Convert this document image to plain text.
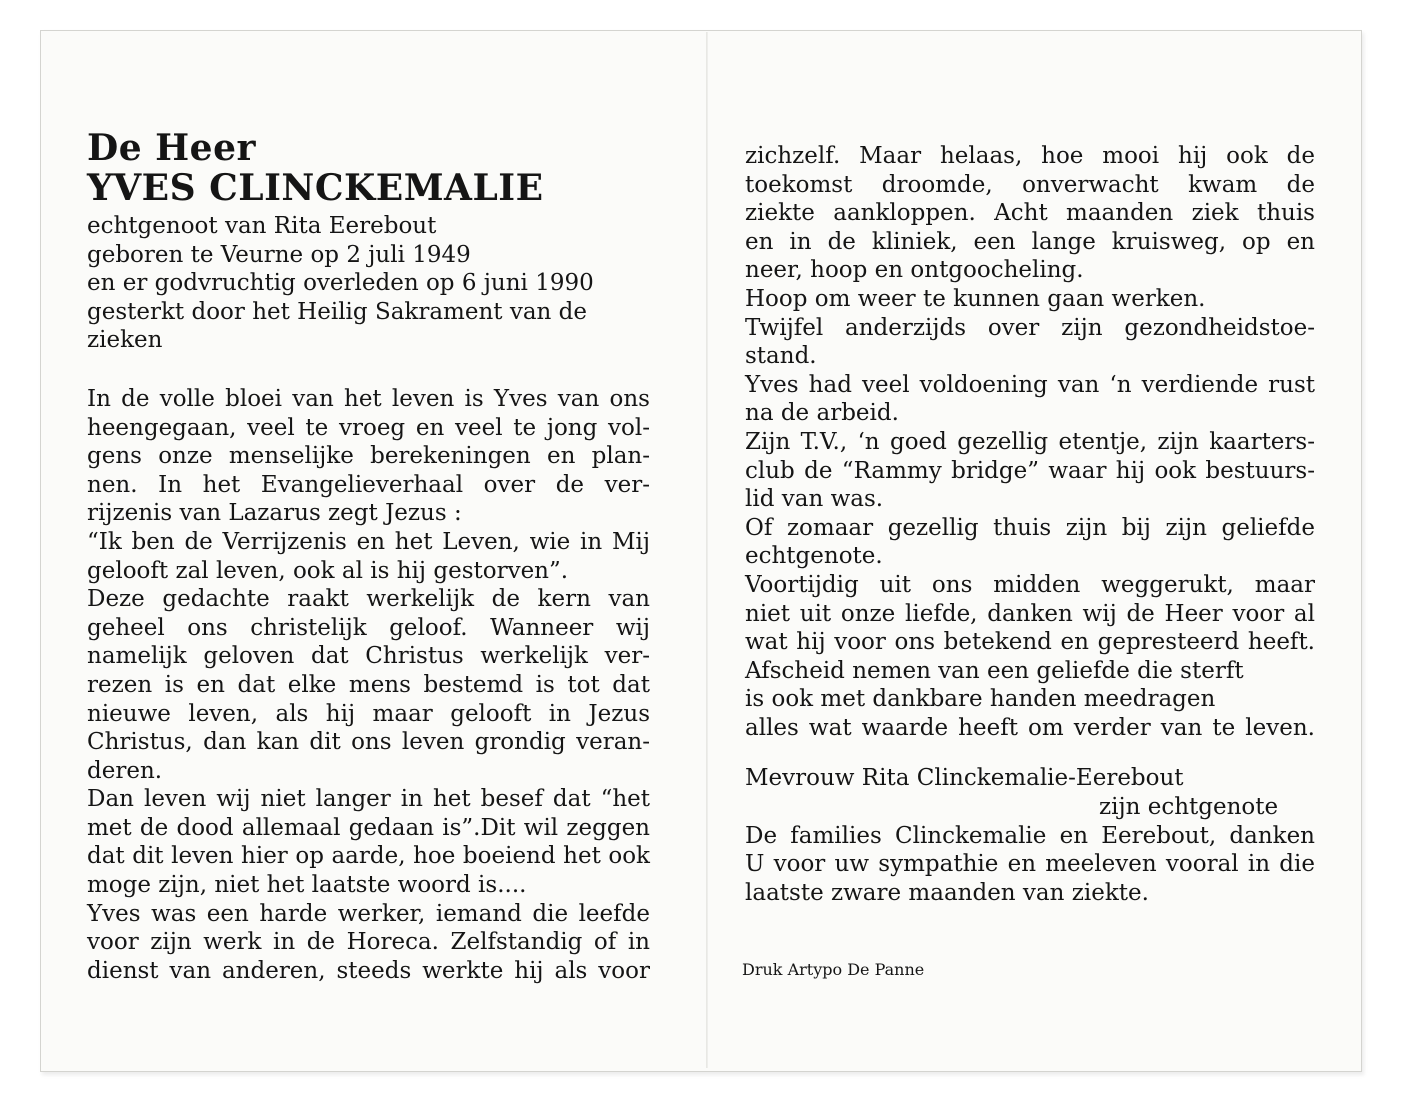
De Heer
YVES CLINCKEMALIE
echtgenoot van Rita Eerebout
geboren te Veurne op 2 juli 1949
en er godvruchtig overleden op 6 juni 1990
gesterkt door het Heilig Sakrament van de
zieken
In de volle bloei van het leven is Yves van ons
heengegaan, veel te vroeg en veel te jong vol-
gens onze menselijke berekeningen en plan-
nen. In het Evangelieverhaal over de ver-
rijzenis van Lazarus zegt Jezus :
“Ik ben de Verrijzenis en het Leven, wie in Mij
gelooft zal leven, ook al is hij gestorven”.
Deze gedachte raakt werkelijk de kern van
geheel ons christelijk geloof. Wanneer wij
namelijk geloven dat Christus werkelijk ver-
rezen is en dat elke mens bestemd is tot dat
nieuwe leven, als hij maar gelooft in Jezus
Christus, dan kan dit ons leven grondig veran-
deren.
Dan leven wij niet langer in het besef dat “het
met de dood allemaal gedaan is”.Dit wil zeggen
dat dit leven hier op aarde, hoe boeiend het ook
moge zijn, niet het laatste woord is....
Yves was een harde werker, iemand die leefde
voor zijn werk in de Horeca. Zelfstandig of in
dienst van anderen, steeds werkte hij als voor
zichzelf. Maar helaas, hoe mooi hij ook de
toekomst droomde, onverwacht kwam de
ziekte aankloppen. Acht maanden ziek thuis
en in de kliniek, een lange kruisweg, op en
neer, hoop en ontgoocheling.
Hoop om weer te kunnen gaan werken.
Twijfel anderzijds over zijn gezondheidstoe-
stand.
Yves had veel voldoening van ‘n verdiende rust
na de arbeid.
Zijn T.V., ‘n goed gezellig etentje, zijn kaarters-
club de “Rammy bridge” waar hij ook bestuurs-
lid van was.
Of zomaar gezellig thuis zijn bij zijn geliefde
echtgenote.
Voortijdig uit ons midden weggerukt, maar
niet uit onze liefde, danken wij de Heer voor al
wat hij voor ons betekend en gepresteerd heeft.
Afscheid nemen van een geliefde die sterft
is ook met dankbare handen meedragen
alles wat waarde heeft om verder van te leven.
Mevrouw Rita Clinckemalie-Eerebout
zijn echtgenote
De families Clinckemalie en Eerebout, danken
U voor uw sympathie en meeleven vooral in die
laatste zware maanden van ziekte.
Druk Artypo De Panne
